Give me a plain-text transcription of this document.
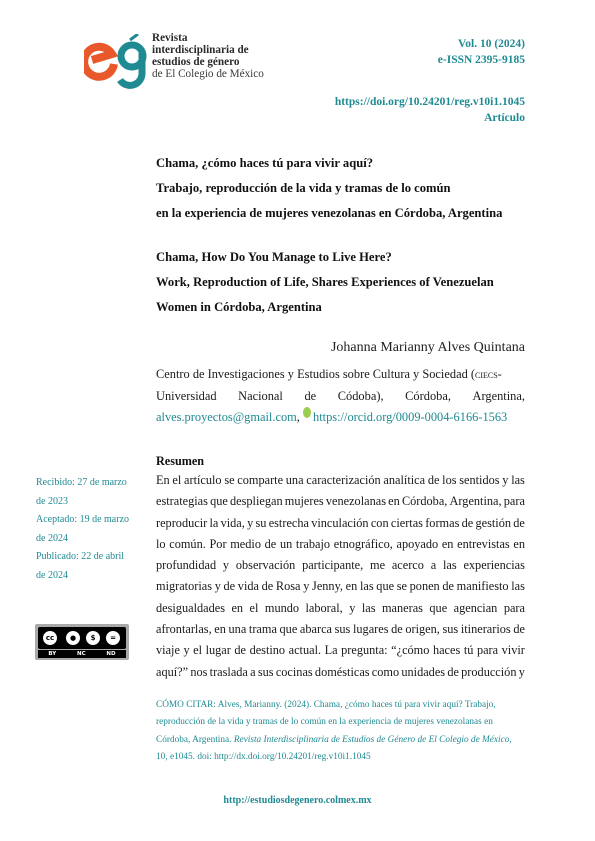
Revista
interdisciplinaria de
estudios de género
de El Colegio de México
Vol. 10 (2024)
e-ISSN 2395-9185
https://doi.org/10.24201/reg.v10i1.1045
Artículo
Chama, ¿cómo haces tú para vivir aquí?
Trabajo, reproducción de la vida y tramas de lo común
en la experiencia de mujeres venezolanas en Córdoba, Argentina
Chama, How Do You Manage to Live Here?
Work, Reproduction of Life, Shares Experiences of Venezuelan
Women in Córdoba, Argentina
Johanna Marianny Alves Quintana
Centro de Investigaciones y Estudios sobre Cultura y Sociedad (ciecs-
Universidad Nacional de Códoba), Córdoba, Argentina,
alves.proyectos@gmail.com ,
https://orcid.org/0009-0004-6166-1563
Recibido: 27 de marzo
de 2023
Aceptado: 19 de marzo
de 2024
Publicado: 22 de abril
de 2024
cc	●	$	=
BY	NC	ND
Resumen
En el artículo se comparte una caracterización analítica de los sentidos y las
estrategias que despliegan mujeres venezolanas en Córdoba, Argentina, para
reproducir la vida, y su estrecha vinculación con ciertas formas de gestión de
lo común. Por medio de un trabajo etnográfico, apoyado en entrevistas en
profundidad y observación participante, me acerco a las experiencias
migratorias y de vida de Rosa y Jenny, en las que se ponen de manifiesto las
desigualdades en el mundo laboral, y las maneras que agencian para
afrontarlas, en una trama que abarca sus lugares de origen, sus itinerarios de
viaje y el lugar de destino actual. La pregunta: “¿cómo haces tú para vivir
aquí?” nos traslada a sus cocinas domésticas como unidades de producción y
CÓMO CITAR: Alves, Marianny. (2024). Chama, ¿cómo haces tú para vivir aquí? Trabajo,
reproducción de la vida y tramas de lo común en la experiencia de mujeres venezolanas en
Córdoba, Argentina. Revista Interdisciplinaria de Estudios de Género de El Colegio de México,
10, e1045. doi: http://dx.doi.org/10.24201/reg.v10i1.1045
http://estudiosdegenero.colmex.mx
